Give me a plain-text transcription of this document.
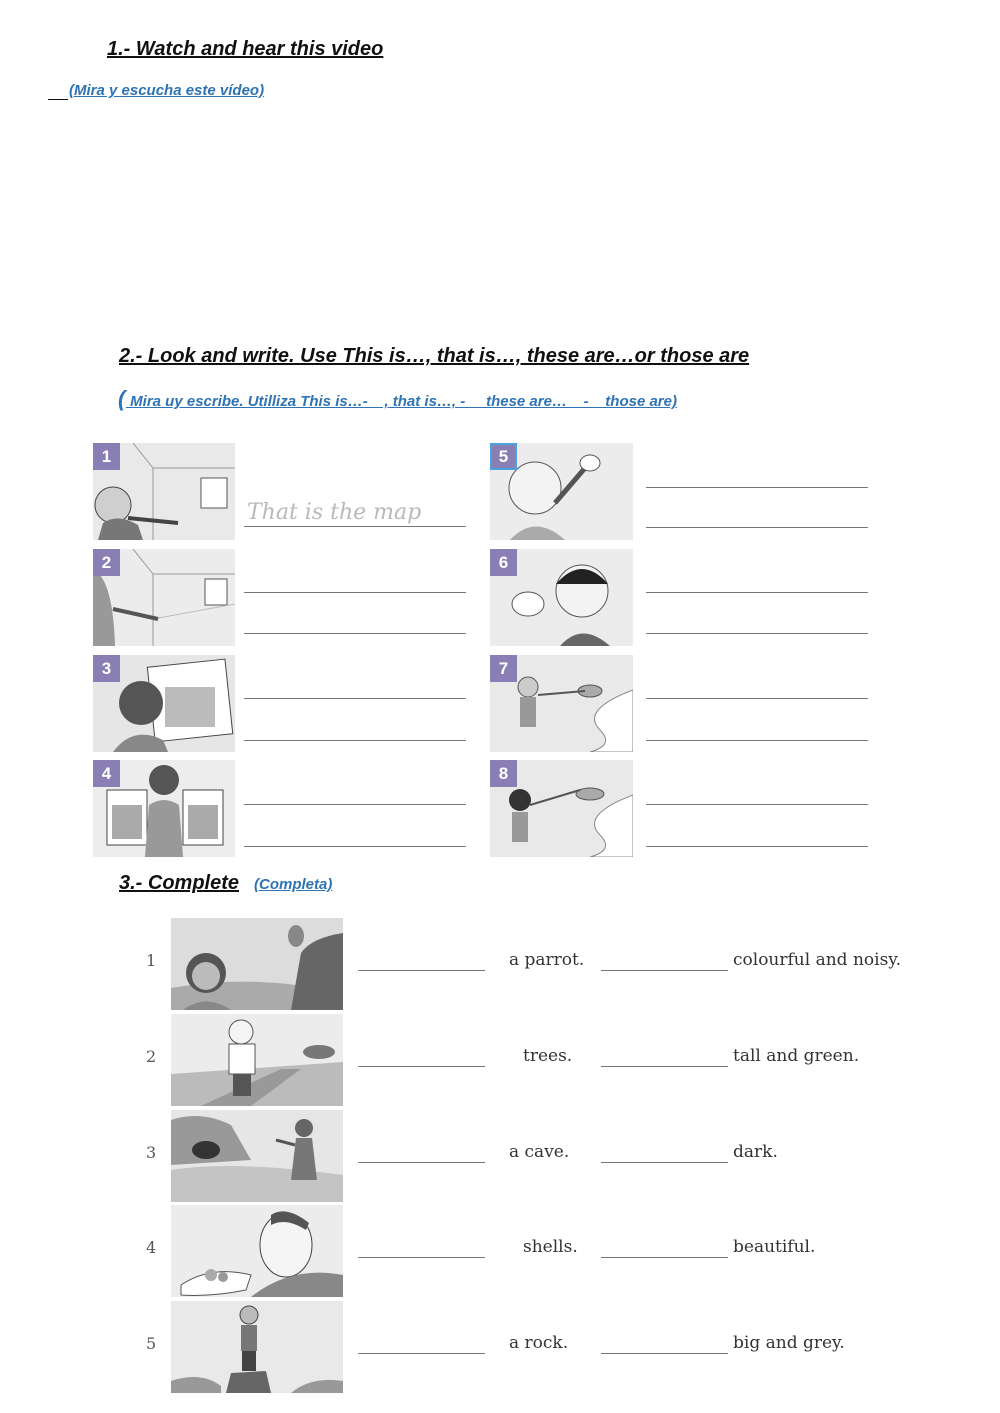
1.- Watch and hear this video
(Mira y escucha este vídeo)
2.- Look and write. Use This is…, that is…, these are…or those are
( Mira uy escribe. Utilliza This is…-    , that is…, -     these are…    -    those are)
1
2
3
4
5
6
7
8
That is the map
3.- Complete (Completa)
1	a parrot.	colourful and noisy.
2	trees.	tall and green.
3	a cave.	dark.
4	shells.	beautiful.
5	a rock.	big and grey.
